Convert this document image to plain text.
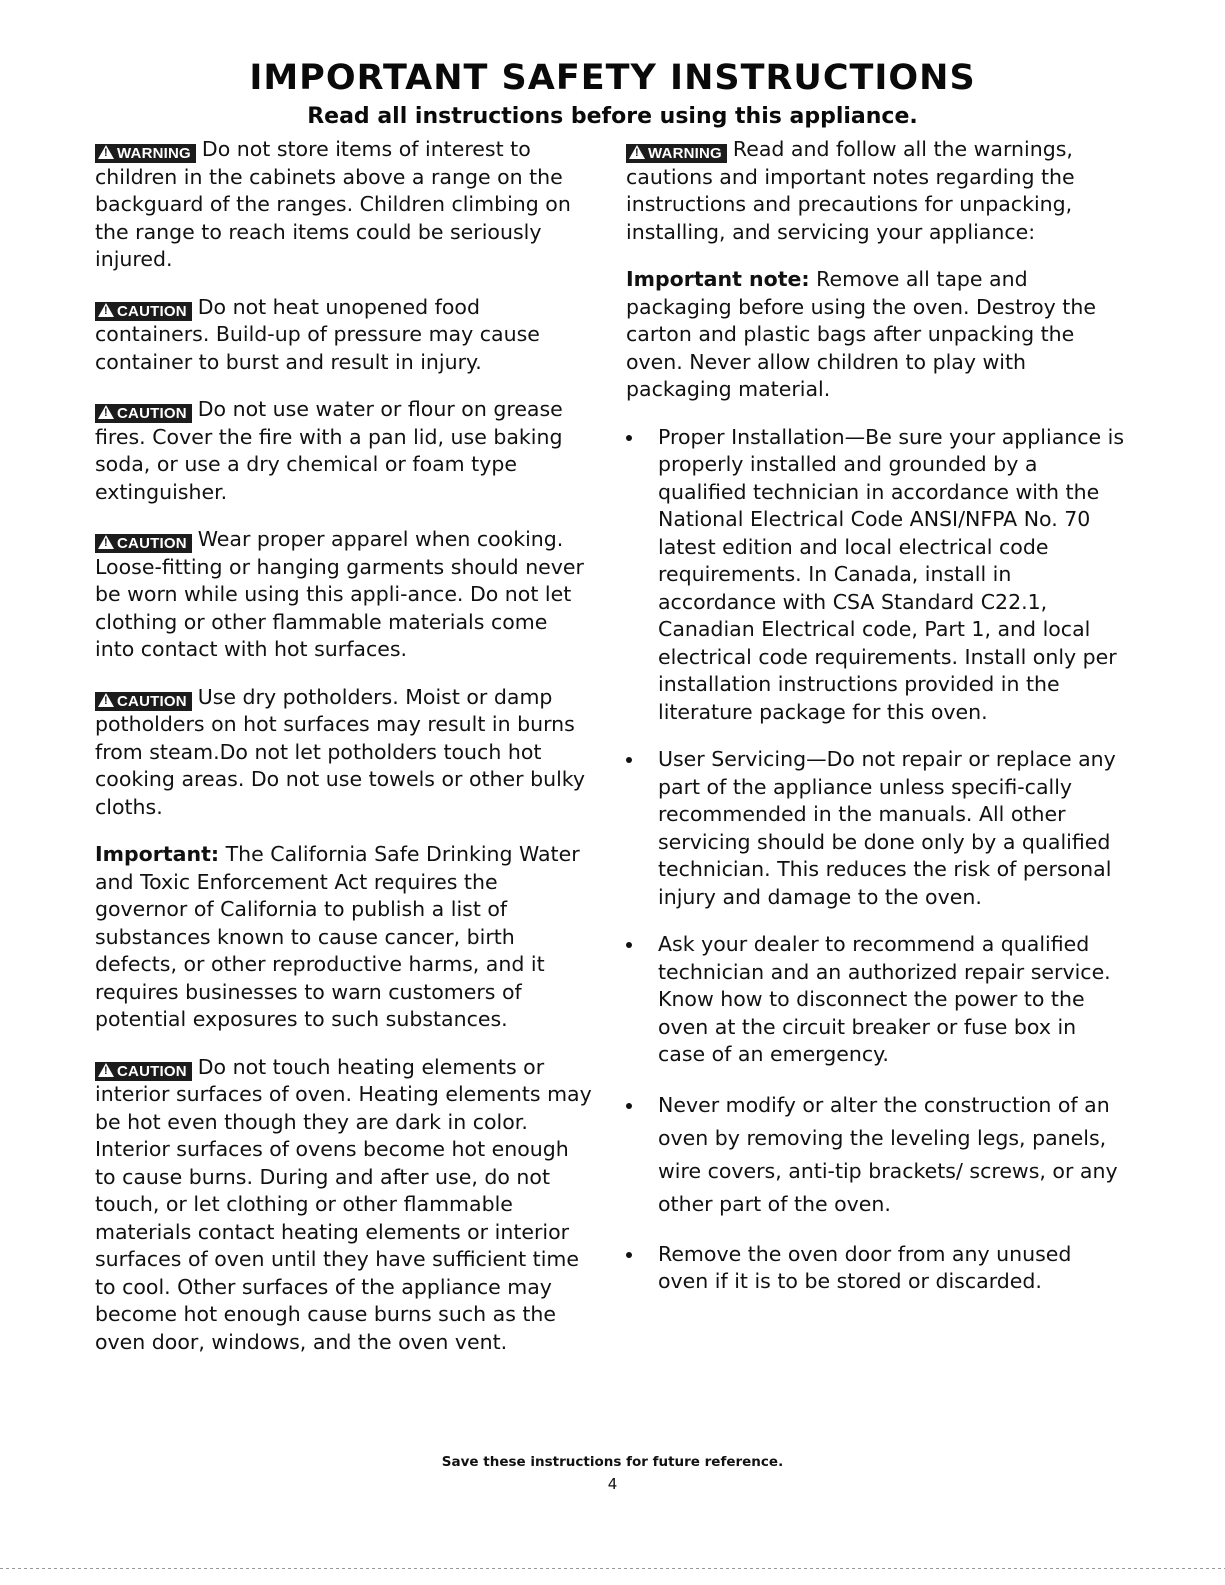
IMPORTANT SAFETY INSTRUCTIONS
Read all instructions before using this appliance.

!WARNING Do not store items of interest to children in the cabinets above a range on the backguard of the ranges. Children climbing on the range to reach items could be seriously injured.

!CAUTION Do not heat unopened food containers. Build-up of pressure may cause container to burst and result in injury.

!CAUTION Do not use water or flour on grease fires. Cover the fire with a pan lid, use baking soda, or use a dry chemical or foam type extinguisher.

!CAUTION Wear proper apparel when cooking. Loose-fitting or hanging garments should never be worn while using this appli-ance. Do not let clothing or other flammable materials come into contact with hot surfaces.

!CAUTION Use dry potholders. Moist or damp potholders on hot surfaces may result in burns from steam.Do not let potholders touch hot cooking areas. Do not use towels or other bulky cloths.

Important: The California Safe Drinking Water and Toxic Enforcement Act requires the governor of California to publish a list of substances known to cause cancer, birth defects, or other reproductive harms, and it requires businesses to warn customers of potential exposures to such substances.

!CAUTION Do not touch heating elements or interior surfaces of oven. Heating elements may be hot even though they are dark in color. Interior surfaces of ovens become hot enough to cause burns. During and after use, do not touch, or let clothing or other flammable materials contact heating elements or interior surfaces of oven until they have sufficient time to cool. Other surfaces of the appliance may become hot enough cause burns such as the oven door, windows, and the oven vent.

!WARNING Read and follow all the warnings, cautions and important notes regarding the instructions and precautions for unpacking, installing, and servicing your appliance:

Important note: Remove all tape and packaging before using the oven. Destroy the carton and plastic bags after unpacking the oven. Never allow children to play with packaging material.

Proper Installation—Be sure your appliance is properly installed and grounded by a qualified technician in accordance with the National Electrical Code ANSI/NFPA No. 70 latest edition and local electrical code requirements. In Canada, install in accordance with CSA Standard C22.1, Canadian Electrical code, Part 1, and local electrical code requirements. Install only per installation instructions provided in the literature package for this oven.
User Servicing—Do not repair or replace any part of the appliance unless specifi-cally recommended in the manuals. All other servicing should be done only by a qualified technician. This reduces the risk of personal injury and damage to the oven.
Ask your dealer to recommend a qualified technician and an authorized repair service. Know how to disconnect the power to the oven at the circuit breaker or fuse box in case of an emergency.
Never modify or alter the construction of an oven by removing the leveling legs, panels, wire covers, anti-tip brackets/ screws, or any other part of the oven.
Remove the oven door from any unused oven if it is to be stored or discarded.
Save these instructions for future reference.
4
